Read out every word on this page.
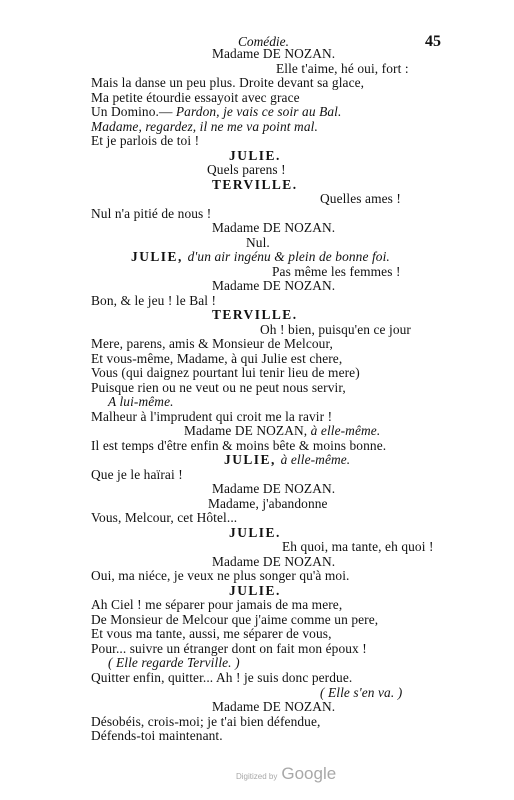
Comédie.	45
Madame DE NOZAN.
Elle t'aime, hé oui, fort :
Mais la danse un peu plus. Droite devant sa glace,
Ma petite étourdie essayoit avec grace
Un Domino.— Pardon, je vais ce soir au Bal.
Madame, regardez, il ne me va point mal.
Et je parlois de toi !
JULIE.
Quels parens !
TERVILLE.
Quelles ames !
Nul n'a pitié de nous !
Madame DE NOZAN.
Nul.
JULIE, d'un air ingénu & plein de bonne foi.
Pas même les femmes !
Madame DE NOZAN.
Bon, & le jeu ! le Bal !
TERVILLE.
Oh ! bien, puisqu'en ce jour
Mere, parens, amis & Monsieur de Melcour,
Et vous-même, Madame, à qui Julie est chere,
Vous (qui daignez pourtant lui tenir lieu de mere)
Puisque rien ou ne veut ou ne peut nous servir,
A lui-même.
Malheur à l'imprudent qui croit me la ravir !
Madame DE NOZAN, à elle-même.
Il est temps d'être enfin & moins bête & moins bonne.
JULIE, à elle-même.
Que je le haïrai !
Madame DE NOZAN.
Madame, j'abandonne
Vous, Melcour, cet Hôtel...
JULIE.
Eh quoi, ma tante, eh quoi !
Madame DE NOZAN.
Oui, ma niéce, je veux ne plus songer qu'à moi.
JULIE.
Ah Ciel ! me séparer pour jamais de ma mere,
De Monsieur de Melcour que j'aime comme un pere,
Et vous ma tante, aussi, me séparer de vous,
Pour... suivre un étranger dont on fait mon époux !
( Elle regarde Terville. )
Quitter enfin, quitter... Ah ! je suis donc perdue.
( Elle s'en va. )
Madame DE NOZAN.
Désobéis, crois-moi; je t'ai bien défendue,
Défends-toi maintenant.
Digitized by Google
